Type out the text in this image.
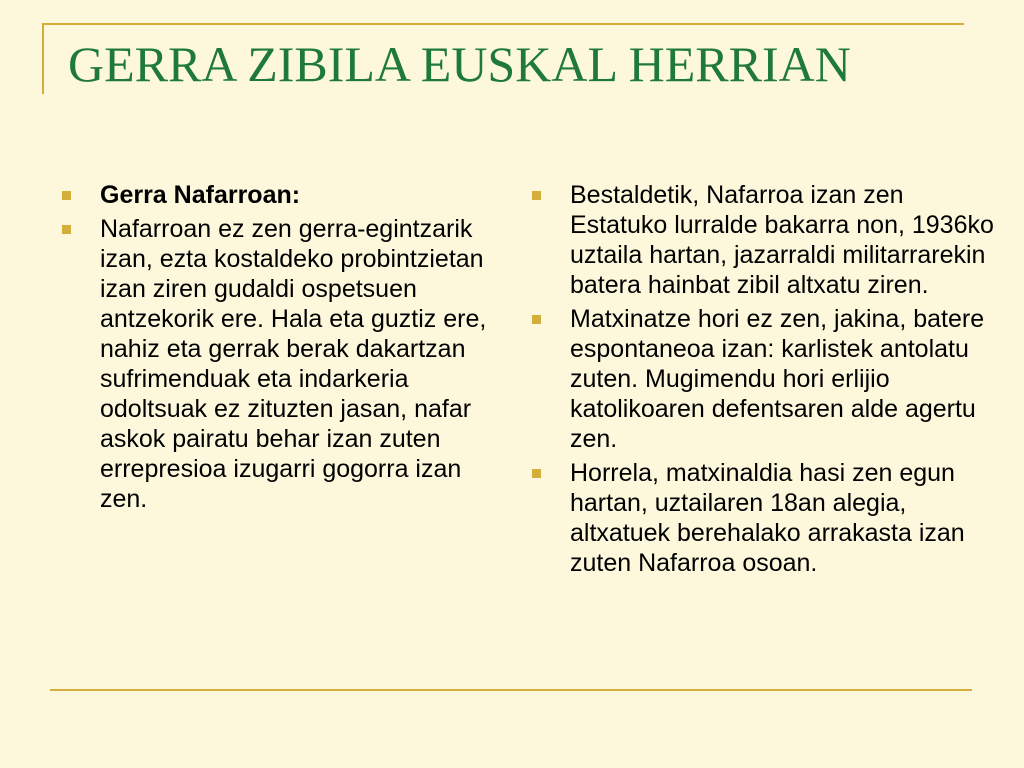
GERRA ZIBILA EUSKAL HERRIAN
Gerra Nafarroan:
Nafarroan ez zen gerra-egintzarik izan, ezta kostaldeko probintzietan izan ziren gudaldi ospetsuen antzekorik ere. Hala eta guztiz ere, nahiz eta gerrak berak dakartzan sufrimenduak eta indarkeria odoltsuak ez zituzten jasan, nafar askok pairatu behar izan zuten errepresioa izugarri gogorra izan zen.
Bestaldetik, Nafarroa izan zen Estatuko lurralde bakarra non, 1936ko uztaila hartan, jazarraldi militarrarekin batera hainbat zibil altxatu ziren.
Matxinatze hori ez zen, jakina, batere espontaneoa izan: karlistek antolatu zuten. Mugimendu hori erlijio katolikoaren defentsaren alde agertu zen.
Horrela, matxinaldia hasi zen egun hartan, uztailaren 18an alegia, altxatuek berehalako arrakasta izan zuten Nafarroa osoan.
